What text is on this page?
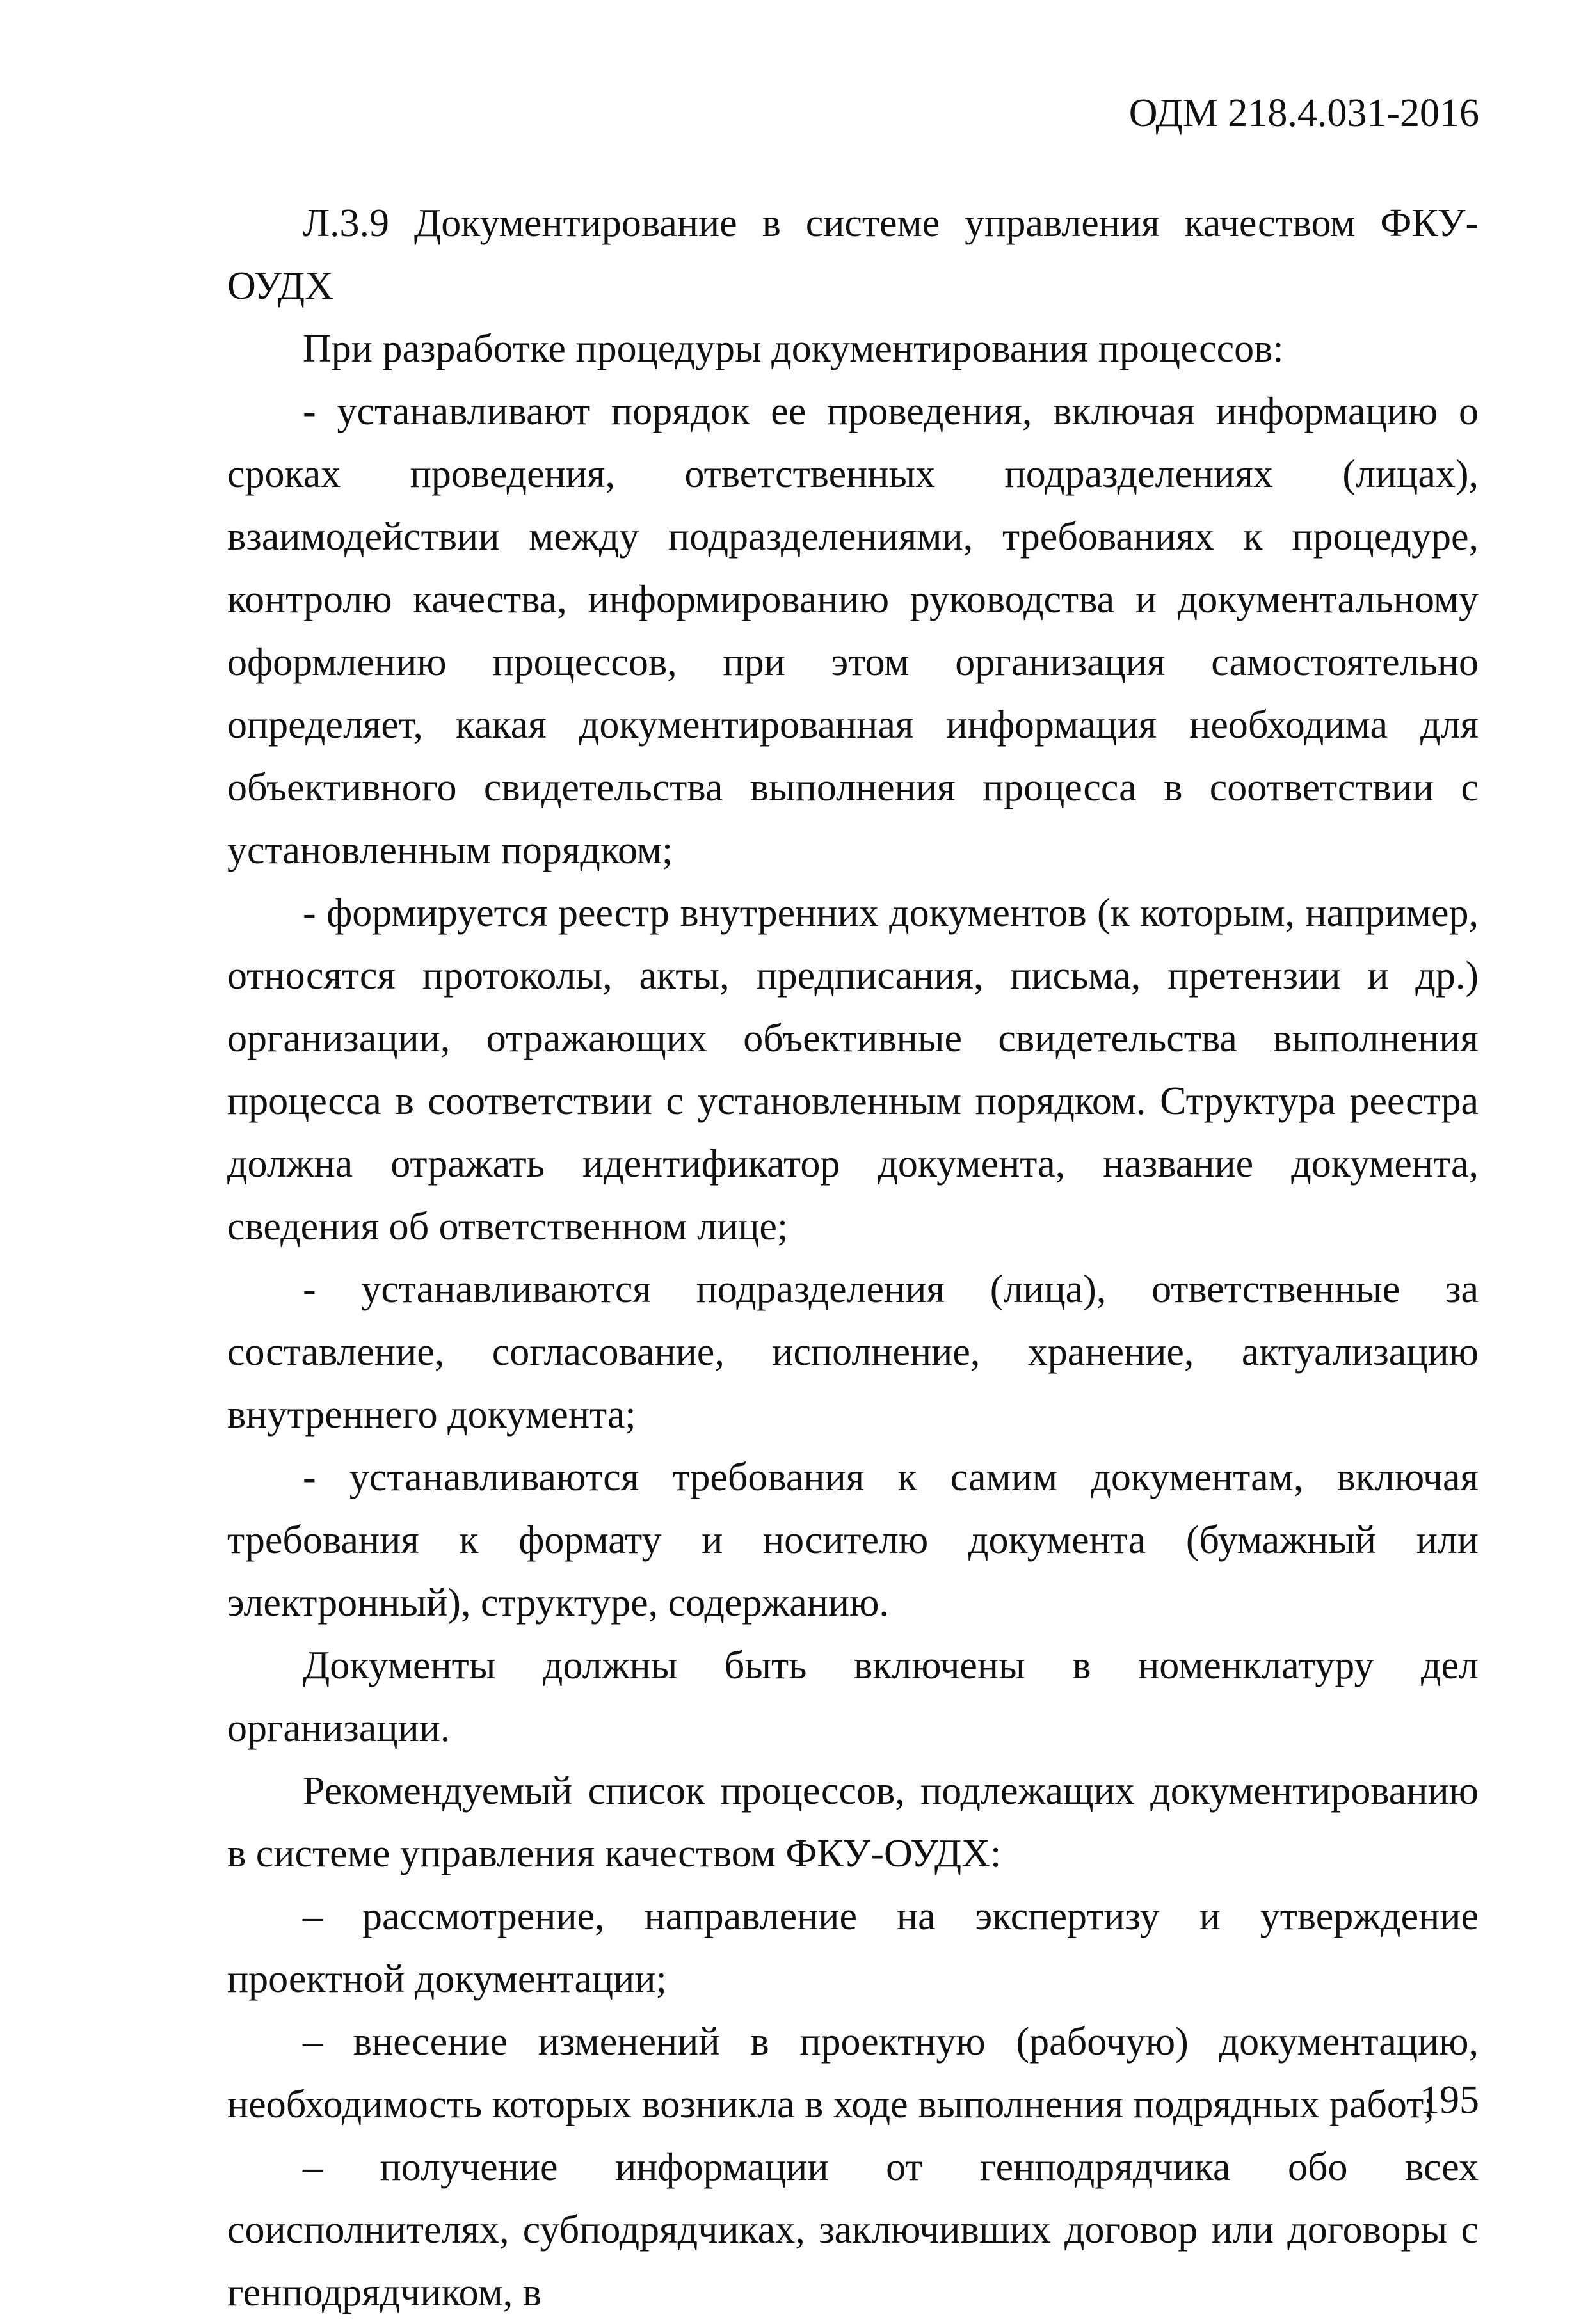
ОДМ 218.4.031-2016

Л.3.9 Документирование в системе управления качеством ФКУ-ОУДХ

При разработке процедуры документирования процессов:

- устанавливают порядок ее проведения, включая информацию о сроках проведения, ответственных подразделениях (лицах), взаимодействии между подразделениями, требованиях к процедуре, контролю качества, информированию руководства и документальному оформлению процессов, при этом организация самостоятельно определяет, какая документированная информация необходима для объективного свидетельства выполнения процесса в соответствии с установленным порядком;

- формируется реестр внутренних документов (к которым, например, относятся протоколы, акты, предписания, письма, претензии и др.) организации, отражающих объективные свидетельства выполнения процесса в соответствии с установленным порядком. Структура реестра должна отражать идентификатор документа, название документа, сведения об ответственном лице;

- устанавливаются подразделения (лица), ответственные за составление, согласование, исполнение, хранение, актуализацию внутреннего документа;

- устанавливаются требования к самим документам, включая требования к формату и носителю документа (бумажный или электронный), структуре, содержанию.

Документы должны быть включены в номенклатуру дел организации.

Рекомендуемый список процессов, подлежащих документированию в системе управления качеством ФКУ-ОУДХ:

– рассмотрение, направление на экспертизу и утверждение проектной документации;

– внесение изменений в проектную (рабочую) документацию, необходимость которых возникла в ходе выполнения подрядных работ;

– получение информации от генподрядчика обо всех соисполнителях, субподрядчиках, заключивших договор или договоры с генподрядчиком, в

195
